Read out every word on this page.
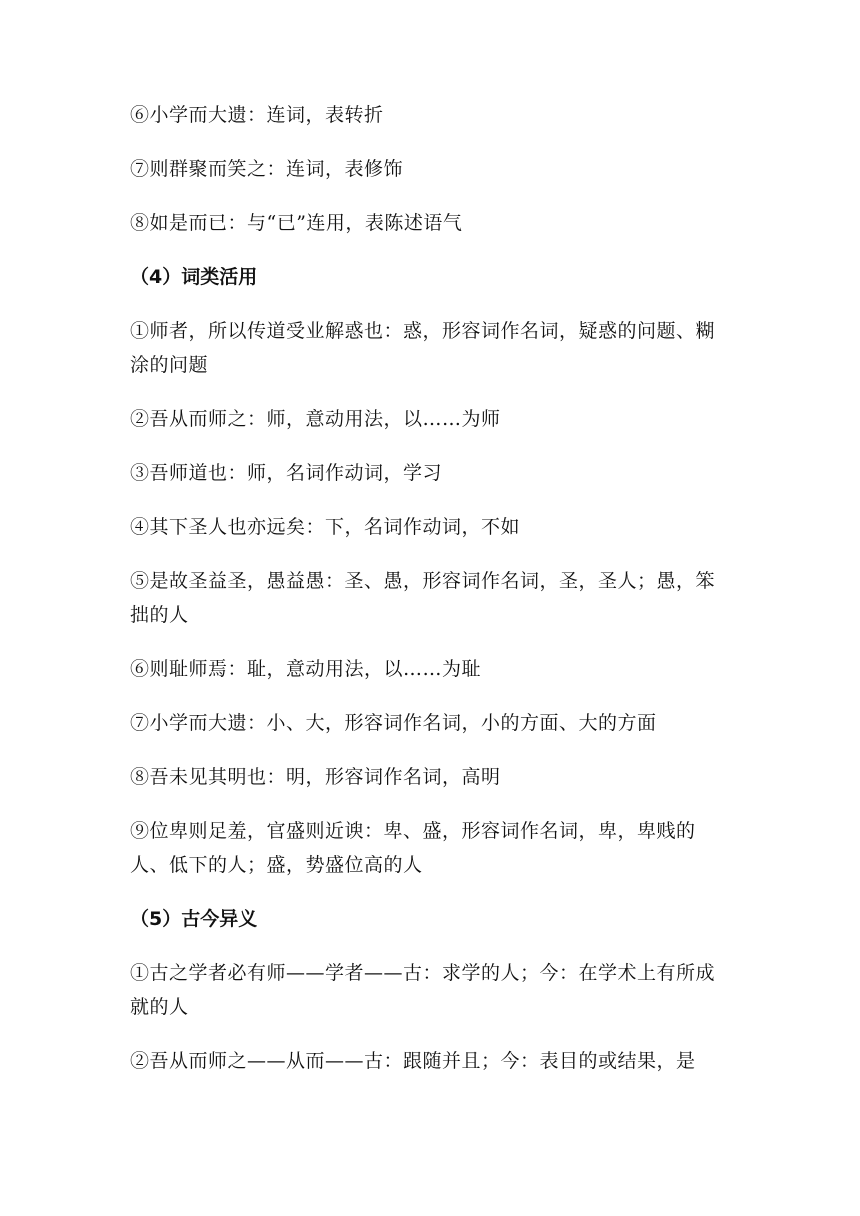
⑥小学而大遗：连词，表转折

⑦则群聚而笑之：连词，表修饰

⑧如是而已：与“已”连用，表陈述语气

（4）词类活用

①师者，所以传道受业解惑也：惑，形容词作名词，疑惑的问题、糊涂的问题

②吾从而师之：师，意动用法，以……为师

③吾师道也：师，名词作动词，学习

④其下圣人也亦远矣：下，名词作动词，不如

⑤是故圣益圣，愚益愚：圣、愚，形容词作名词，圣，圣人；愚，笨拙的人

⑥则耻师焉：耻，意动用法，以……为耻

⑦小学而大遗：小、大，形容词作名词，小的方面、大的方面

⑧吾未见其明也：明，形容词作名词，高明

⑨位卑则足羞，官盛则近谀：卑、盛，形容词作名词，卑，卑贱的人、低下的人；盛，势盛位高的人

（5）古今异义

①古之学者必有师——学者——古：求学的人；今：在学术上有所成就的人

②吾从而师之——从而——古：跟随并且；今：表目的或结果，是
